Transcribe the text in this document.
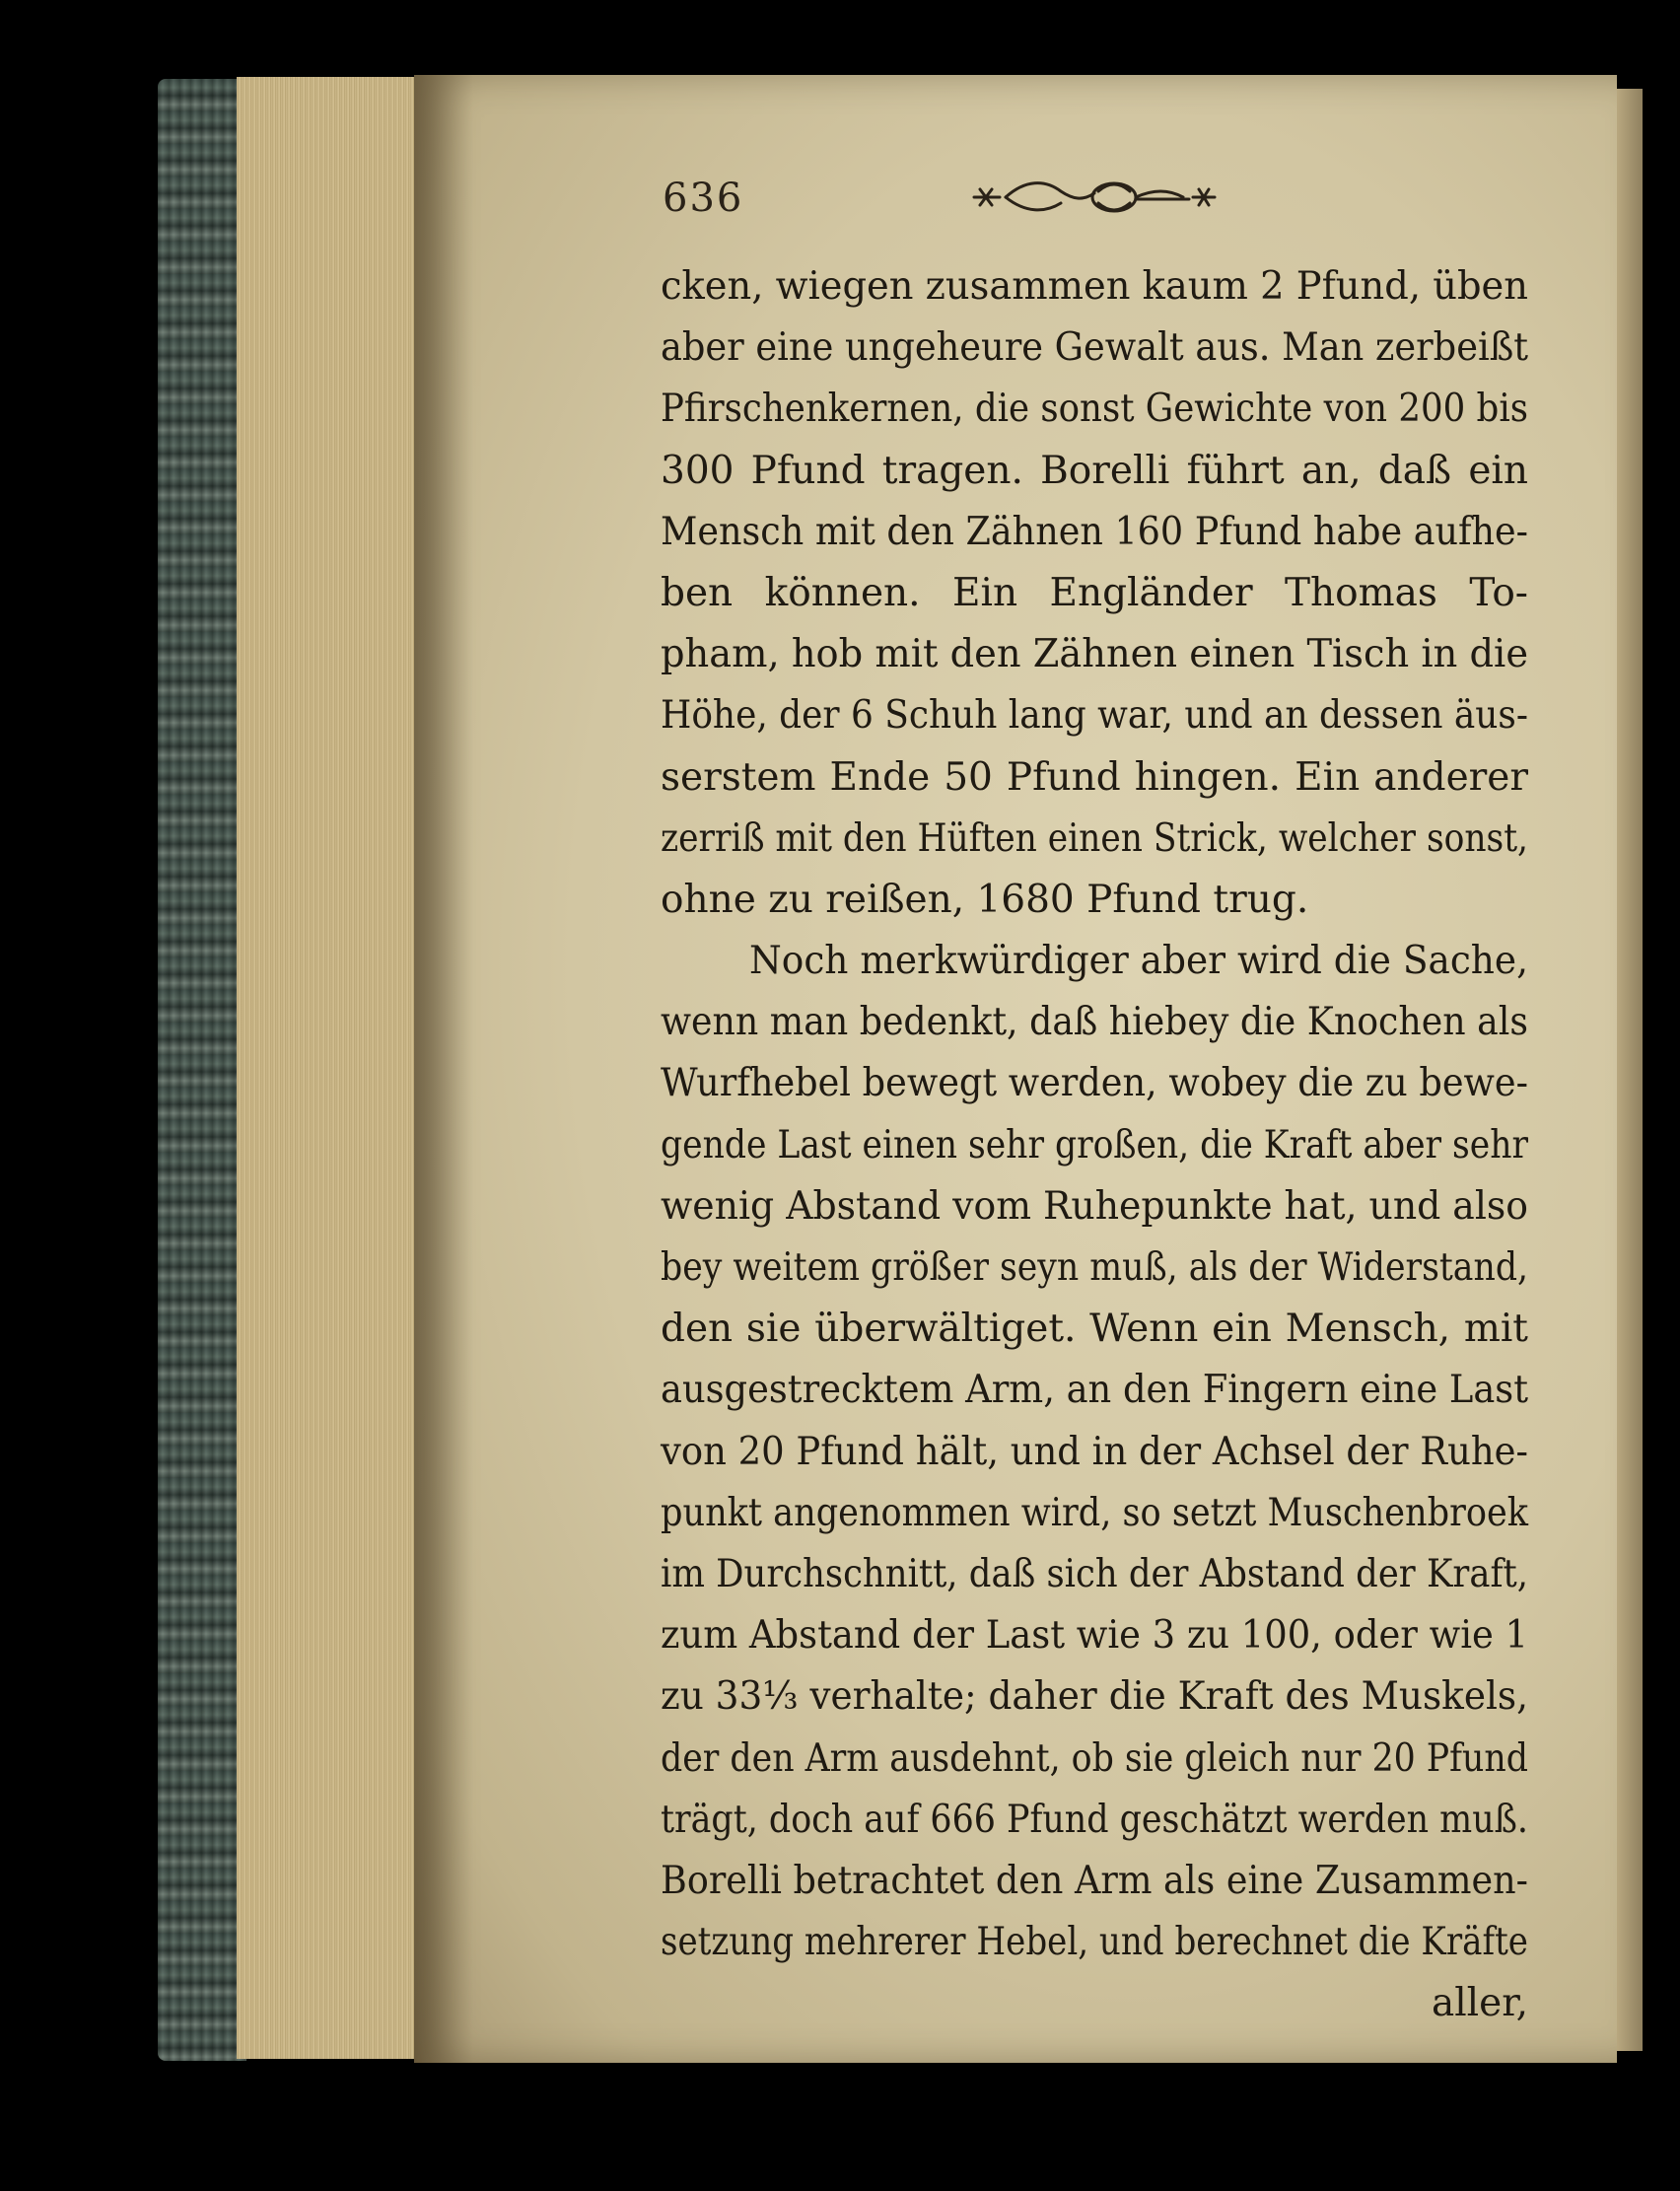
636
cken, wiegen zusammen kaum 2 Pfund, üben
aber eine ungeheure Gewalt aus. Man zerbeißt
Pfirschenkernen, die sonst Gewichte von 200 bis
300 Pfund tragen. Borelli führt an, daß ein
Mensch mit den Zähnen 160 Pfund habe aufhe-
ben können. Ein Engländer Thomas To-
pham, hob mit den Zähnen einen Tisch in die
Höhe, der 6 Schuh lang war, und an dessen äus-
serstem Ende 50 Pfund hingen. Ein anderer
zerriß mit den Hüften einen Strick, welcher sonst,
ohne zu reißen, 1680 Pfund trug.
Noch merkwürdiger aber wird die Sache,
wenn man bedenkt, daß hiebey die Knochen als
Wurfhebel bewegt werden, wobey die zu bewe-
gende Last einen sehr großen, die Kraft aber sehr
wenig Abstand vom Ruhepunkte hat, und also
bey weitem größer seyn muß, als der Widerstand,
den sie überwältiget. Wenn ein Mensch, mit
ausgestrecktem Arm, an den Fingern eine Last
von 20 Pfund hält, und in der Achsel der Ruhe-
punkt angenommen wird, so setzt Muschenbroek
im Durchschnitt, daß sich der Abstand der Kraft,
zum Abstand der Last wie 3 zu 100, oder wie 1
zu 33⅓ verhalte; daher die Kraft des Muskels,
der den Arm ausdehnt, ob sie gleich nur 20 Pfund
trägt, doch auf 666 Pfund geschätzt werden muß.
Borelli betrachtet den Arm als eine Zusammen-
setzung mehrerer Hebel, und berechnet die Kräfte
aller,
